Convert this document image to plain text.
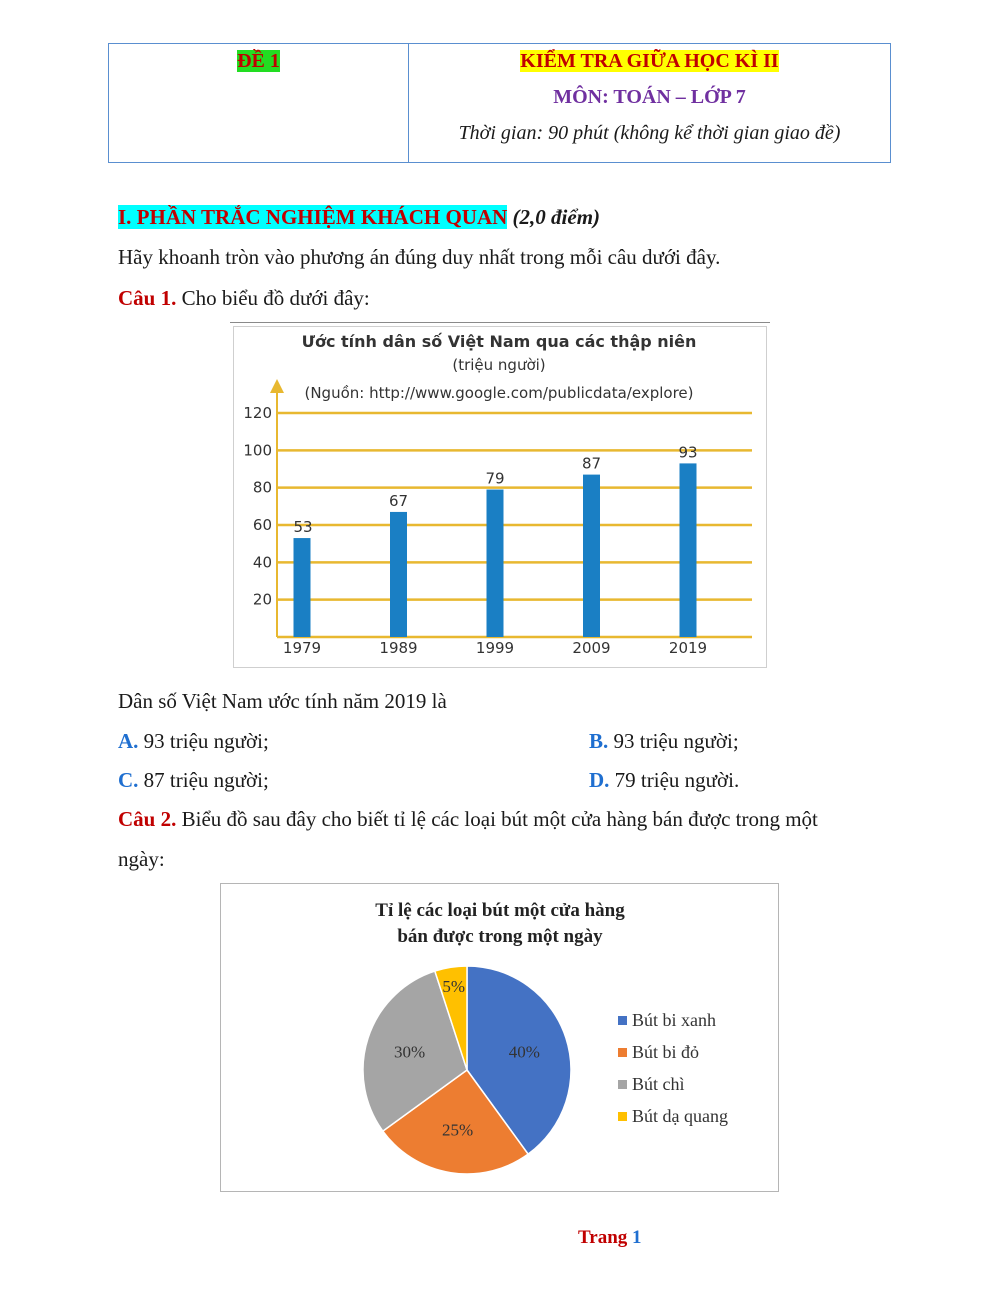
ĐỀ 1	KIỂM TRA GIỮA HỌC KÌ II
MÔN: TOÁN – LỚP 7
Thời gian: 90 phút (không kể thời gian giao đề)
I. PHẦN TRẮC NGHIỆM KHÁCH QUAN (2,0 điểm)
Hãy khoanh tròn vào phương án đúng duy nhất trong mỗi câu dưới đây.
Câu 1. Cho biểu đồ dưới đây:
Ước tính dân số Việt Nam qua các thập niên
(triệu người)
(Nguồn: http://www.google.com/publicdata/explore)
20
40
60
80
100
120
1979	1989	1999	2009	2019
53
67
79
87
93
Dân số Việt Nam ước tính năm 2019 là
A. 93 triệu người;	B. 93 triệu người;
C. 87 triệu người;	D. 79 triệu người.
Câu 2. Biểu đồ sau đây cho biết tỉ lệ các loại bút một cửa hàng bán được trong một
ngày:
Tỉ lệ các loại bút một cửa hàng
bán được trong một ngày
40%
25%
30%
5%
Bút bi xanh
Bút bi đỏ
Bút chì
Bút dạ quang
Trang 1
